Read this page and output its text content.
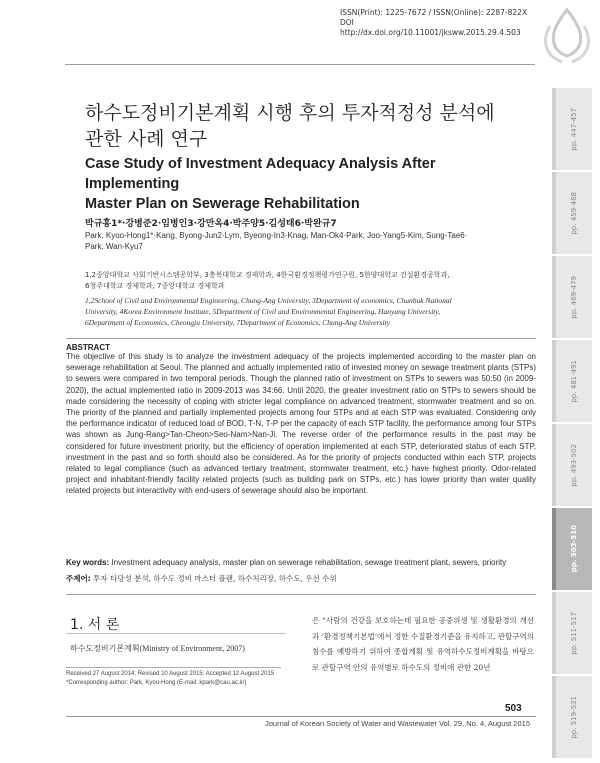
ISSN(Print): 1225-7672 / ISSN(Online): 2287-822X
DOI http://dx.doi.org/10.11001/jksww.2015.29.4.503
pp. 447-457
pp. 459-468
pp. 469-479
pp. 481-491
pp. 493-502
pp. 503-510
pp. 511-517
pp. 519-531
하수도정비기본계획 시행 후의 투자적정성 분석에
관한 사례 연구
Case Study of Investment Adequacy Analysis After Implementing
Master Plan on Sewerage Rehabilitation
박규홍1*·강병준2·임병인3·강만옥4·박주양5·김성태6·박완규7
Park, Kyoo-Hong1*·Kang, Byong-Jun2·Lym, Byeong-In3·Knag, Man-Ok4·Park, Joo-Yang5·Kim, Sung-Tae6·
Park, Wan-Kyu7
1,2중앙대학교 사회기반시스템공학부, 3충북대학교 경제학과, 4한국환경정책평가연구원, 5한양대학교 건설환경공학과,
6청주대학교 경제학과, 7중앙대학교 경제학과
1,2School of Civil and Environmental Engineering, Chung-Ang University, 3Department of economics, Chunbuk National
University, 4Korea Environment Institute, 5Department of Civil and Environmental Engineering, Hanyang University,
6Department of Economics, Cheongju University, 7Department of Economics, Chung-Ang University
ABSTRACT
The objective of this study is to analyze the investment adequacy of the projects implemented according to the master plan on sewerage rehabilitation at Seoul. The planned and actually implemented ratio of invested money on sewage treatment plants (STPs) to sewers were compared in two temporal periods. Though the planned ratio of investment on STPs to sewers was 50:50 (in 2009-2020), the actual implemented ratio in 2009-2013 was 34:66. Until 2020, the greater investment ratio on STPs to sewers should be made considering the necessity of coping with stricter legal compliance on advanced treatment, stormwater treatment and so on. The priority of the planned and partially implemented projects among four STPs and at each STP was evaluated. Considering only the performance indicator of reduced load of BOD, T-N, T-P per the capacity of each STP facility, the performance among four STPs was shown as Jung-Rang>Tan-Cheon>Seo-Nam>Nan-Ji. The reverse order of the performance results in the past may be considered for future investment priority, but the efficiency of operation implemented at each STP, deteriorated status of each STP, investment in the past and so forth should also be considered. As for the priority of projects conducted within each STP, projects related to legal compliance (such as advanced tertiary treatment, stormwater treatment, etc.) have highest priority. Odor-related project and inhabitant-friendly facility related projects (such as building park on STPs, etc.) has lower priority than water quality related projects but interactivity with end-users of sewerage should also be important.
Key words: Investment adequacy analysis, master plan on sewerage rehabilitation, sewage treatment plant, sewers, priority
주제어: 투자 타당성 분석, 하수도 정비 마스터 플랜, 하수처리장, 하수도, 우선 수위
1. 서 론
하수도정비기본계획(Ministry of Environment, 2007)
은 “사람의 건강을 보호하는데 필요한 공중위생 및 생활환경의 개선과 ‘환경정책기본법’에서 정한 수질환경기준을 유지하고, 관할구역의 침수를 예방하기 위하여 종합계획 및 유역하수도정비계획을 바탕으로 관할구역 안의 유역별로 하수도의 정비에 관한 20년
Received 27 August 2014; Revised 10 August 2015; Accepted 12 August 2015
*Corresponding author: Park, Kyoo-Hong (E-mail: kpark@cau.ac.kr)
503
Journal of Korean Society of Water and Wastewater Vol. 29, No. 4, August 2015
